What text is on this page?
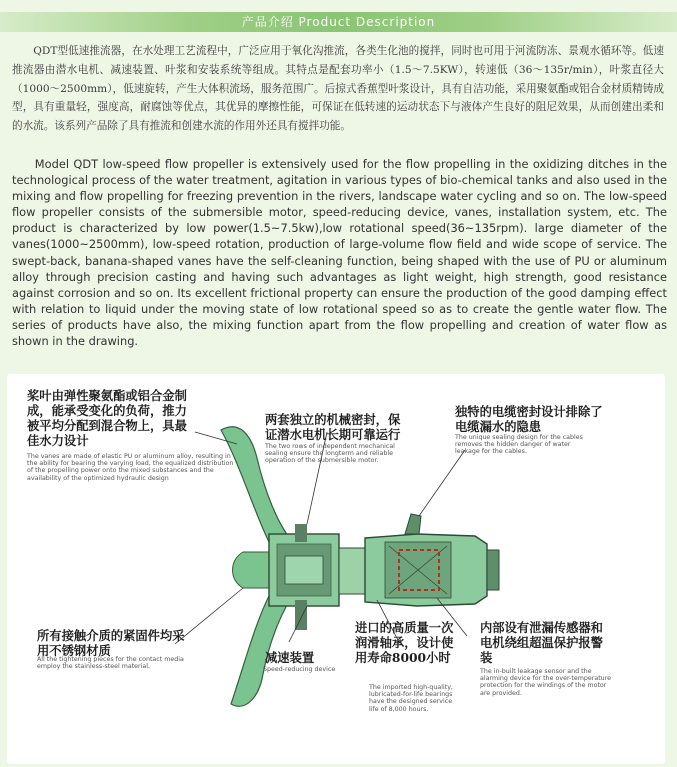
产品介绍 Product Description
QDT型低速推流器，在水处理工艺流程中，广泛应用于氧化沟推流，各类生化池的搅拌，同时也可用于河流防冻、景观水循环等。低速推流器由潜水电机、减速装置、叶浆和安装系统等组成。其特点是配套功率小（1.5～7.5KW），转速低（36～135r/min），叶浆直径大（1000～2500mm），低速旋转，产生大体积流场，服务范围广。后掠式香蕉型叶浆设计，具有自洁功能，采用聚氨酯或铝合金材质精铸成型，具有重量轻，强度高，耐腐蚀等优点，其优异的摩擦性能，可保证在低转速的运动状态下与液体产生良好的阻尼效果，从而创建出柔和的水流。该系列产品除了具有推流和创建水流的作用外还具有搅拌功能。
Model QDT low-speed flow propeller is extensively used for the flow propelling in the oxidizing ditches in the technological process of the water treatment, agitation in various types of bio-chemical tanks and also used in the mixing and flow propelling for freezing prevention in the rivers, landscape water cycling and so on. The low-speed flow propeller consists of the submersible motor, speed-reducing device, vanes, installation system, etc. The product is characterized by low power(1.5~7.5kw),low rotational speed(36~135rpm). large diameter of the vanes(1000~2500mm), low-speed rotation, production of large-volume flow field and wide scope of service. The swept-back, banana-shaped vanes have the self-cleaning function, being shaped with the use of PU or aluminum alloy through precision casting and having such advantages as light weight, high strength, good resistance against corrosion and so on. Its excellent frictional property can ensure the production of the good damping effect with relation to liquid under the moving state of low rotational speed so as to create the gentle water flow. The series of products have also, the mixing function apart from the flow propelling and creation of water flow as shown in the drawing.
桨叶由弹性聚氨酯或铝合金制成，能承受变化的负荷，推力被平均分配到混合物上，具最佳水力设计
The vanes are made of elastic PU or aluminum alloy, resulting in the ability for bearing the varying load, the equalized distribution of the propelling power onto the mixed substances and the availability of the optimized hydraulic design
两套独立的机械密封，保证潜水电机长期可靠运行
The two rows of independent mechanical sealing ensure the longterm and reliable operation of the submersible motor.
独特的电缆密封设计排除了电缆漏水的隐患
The unique sealing design for the cables removes the hidden danger of water leakage for the cables.
所有接触介质的紧固件均采用不锈钢材质
All the tightening pieces for the contact media employ the stainless-steel material.
减速装置
Speed-reducing device
进口的高质量一次润滑轴承，设计使用寿命8000小时
The imported high-quality, lubricated-for-life bearings have the designed service life of 8,000 hours.
内部设有泄漏传感器和电机绕组超温保护报警装
The in-built leakage sensor and the alarming device for the over-temperature protection for the windings of the motor are provided.
